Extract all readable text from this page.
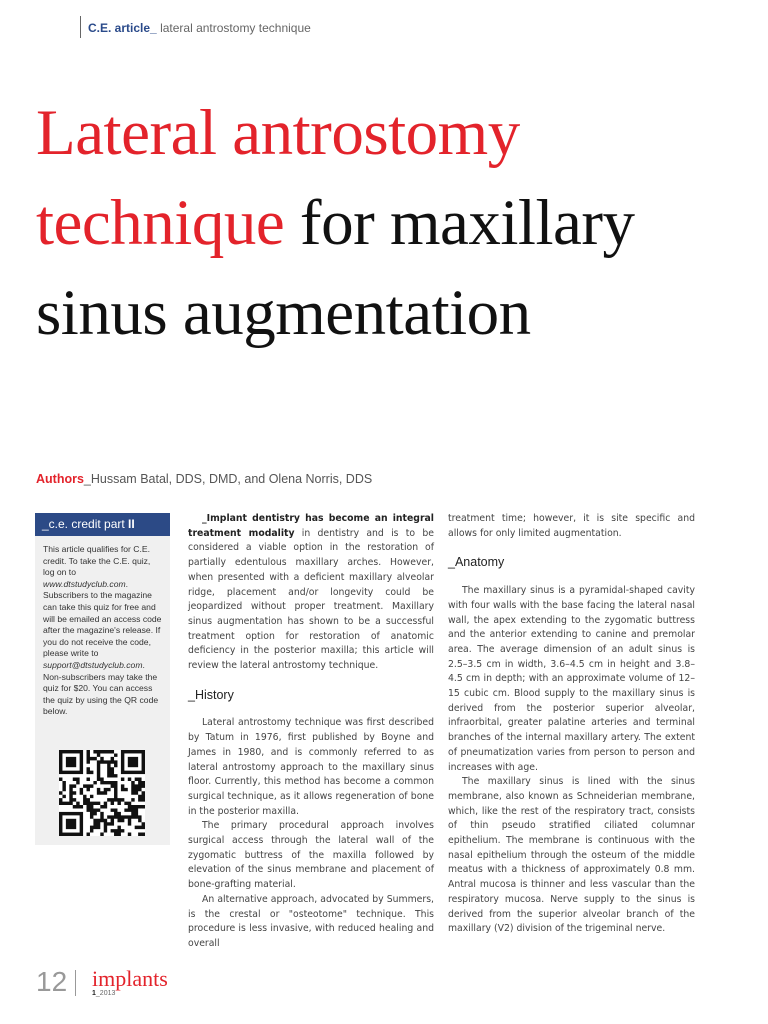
C.E. article_ lateral antrostomy technique
Lateral antrostomy technique for maxillary sinus augmentation
Authors_Hussam Batal, DDS, DMD, and Olena Norris, DDS
_c.e. credit part II
This article qualifies for C.E. credit. To take the C.E. quiz, log on to www.dtstudyclub.com. Subscribers to the magazine can take this quiz for free and will be emailed an access code after the magazine's release. If you do not receive the code, please write to support@dtstudyclub.com. Non-subscribers may take the quiz for $20. You can access the quiz by using the QR code below.

_Implant dentistry has become an integral treatment modality in dentistry and is to be considered a viable option in the restoration of partially edentulous maxillary arches. However, when presented with a deficient maxillary alveolar ridge, placement and/or longevity could be jeopardized without proper treatment. Maxillary sinus augmentation has shown to be a successful treatment option for restoration of anatomic deficiency in the posterior maxilla; this article will review the lateral antrostomy technique.

_History

Lateral antrostomy technique was first described by Tatum in 1976, first published by Boyne and James in 1980, and is commonly referred to as lateral antrostomy approach to the maxillary sinus floor. Currently, this method has become a common surgical technique, as it allows regeneration of bone in the posterior maxilla.

The primary procedural approach involves surgical access through the lateral wall of the zygomatic buttress of the maxilla followed by elevation of the sinus membrane and placement of bone-grafting material.

An alternative approach, advocated by Summers, is the crestal or "osteotome" technique. This procedure is less invasive, with reduced healing and overall

treatment time; however, it is site specific and allows for only limited augmentation.

_Anatomy

The maxillary sinus is a pyramidal-shaped cavity with four walls with the base facing the lateral nasal wall, the apex extending to the zygomatic buttress and the anterior extending to canine and premolar area. The average dimension of an adult sinus is 2.5–3.5 cm in width, 3.6–4.5 cm in height and 3.8–4.5 cm in depth; with an approximate volume of 12–15 cubic cm. Blood supply to the maxillary sinus is derived from the posterior superior alveolar, infraorbital, greater palatine arteries and terminal branches of the internal maxillary artery. The extent of pneumatization varies from person to person and increases with age.

The maxillary sinus is lined with the sinus membrane, also known as Schneiderian membrane, which, like the rest of the respiratory tract, consists of thin pseudo stratified ciliated columnar epithelium. The membrane is continuous with the nasal epithelium through the osteum of the middle meatus with a thickness of approximately 0.8 mm. Antral mucosa is thinner and less vascular than the respiratory mucosa. Nerve supply to the sinus is derived from the superior alveolar branch of the maxillary (V2) division of the trigeminal nerve.

12 implants
1_2013
